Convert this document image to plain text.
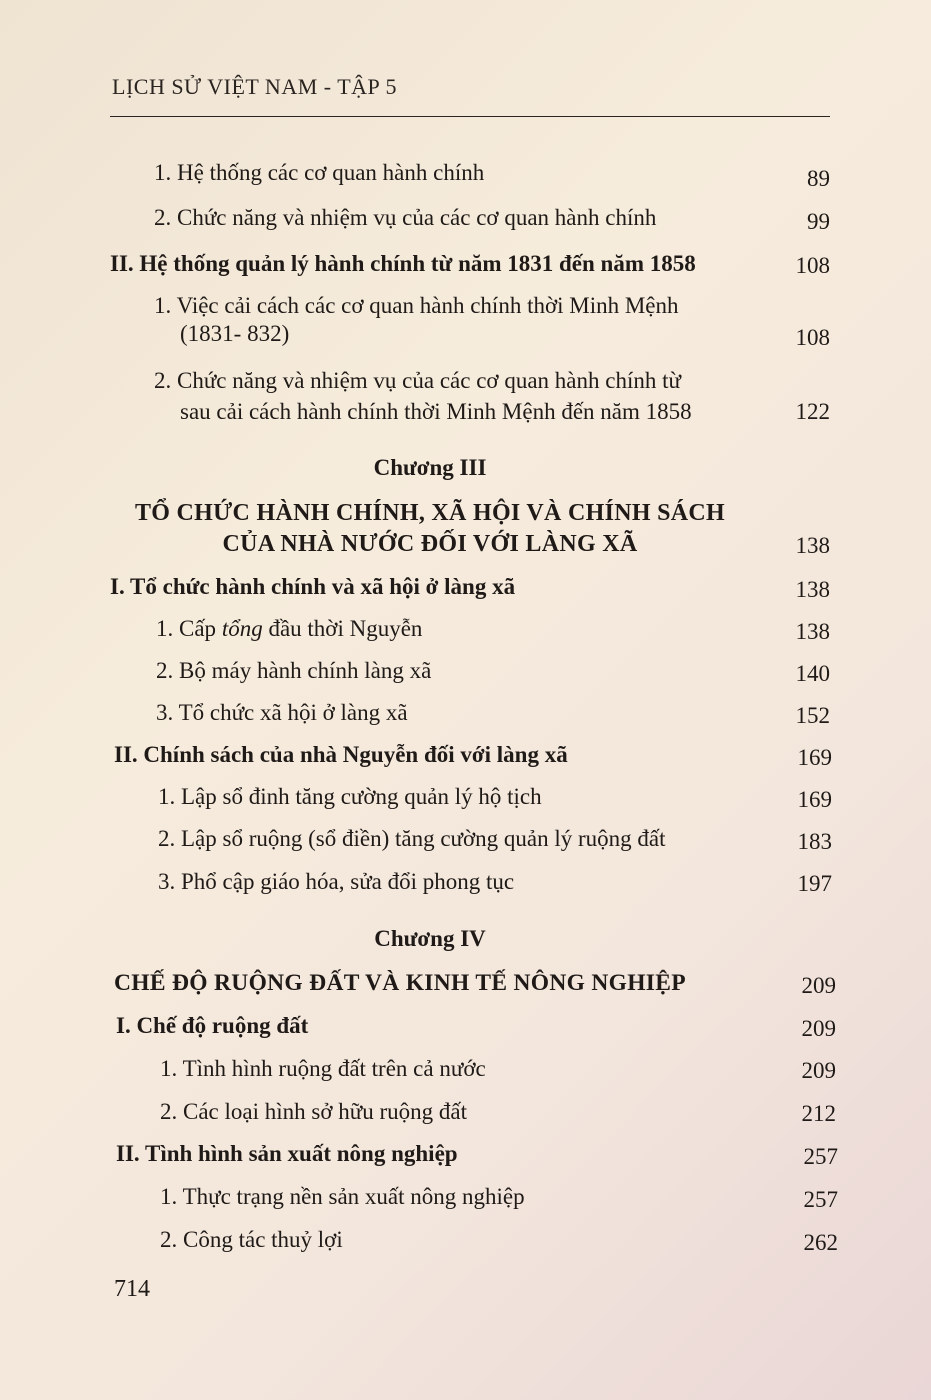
LỊCH SỬ VIỆT NAM - TẬP 5
1. Hệ thống các cơ quan hành chính	89
2. Chức năng và nhiệm vụ của các cơ quan hành chính	99
II. Hệ thống quản lý hành chính từ năm 1831 đến năm 1858	108
1. Việc cải cách các cơ quan hành chính thời Minh Mệnh
(1831- 832)	108
2. Chức năng và nhiệm vụ của các cơ quan hành chính từ
sau cải cách hành chính thời Minh Mệnh đến năm 1858	122
Chương III
TỔ CHỨC HÀNH CHÍNH, XÃ HỘI VÀ CHÍNH SÁCH
CỦA NHÀ NƯỚC ĐỐI VỚI LÀNG XÃ	138
I. Tổ chức hành chính và xã hội ở làng xã	138
1. Cấp tổng đầu thời Nguyễn	138
2. Bộ máy hành chính làng xã	140
3. Tổ chức xã hội ở làng xã	152
II. Chính sách của nhà Nguyễn đối với làng xã	169
1. Lập sổ đinh tăng cường quản lý hộ tịch	169
2. Lập sổ ruộng (sổ điền) tăng cường quản lý ruộng đất	183
3. Phổ cập giáo hóa, sửa đổi phong tục	197
Chương IV
CHẾ ĐỘ RUỘNG ĐẤT VÀ KINH TẾ NÔNG NGHIỆP	209
I. Chế độ ruộng đất	209
1. Tình hình ruộng đất trên cả nước	209
2. Các loại hình sở hữu ruộng đất	212
II. Tình hình sản xuất nông nghiệp	257
1. Thực trạng nền sản xuất nông nghiệp	257
2. Công tác thuỷ lợi	262
714
